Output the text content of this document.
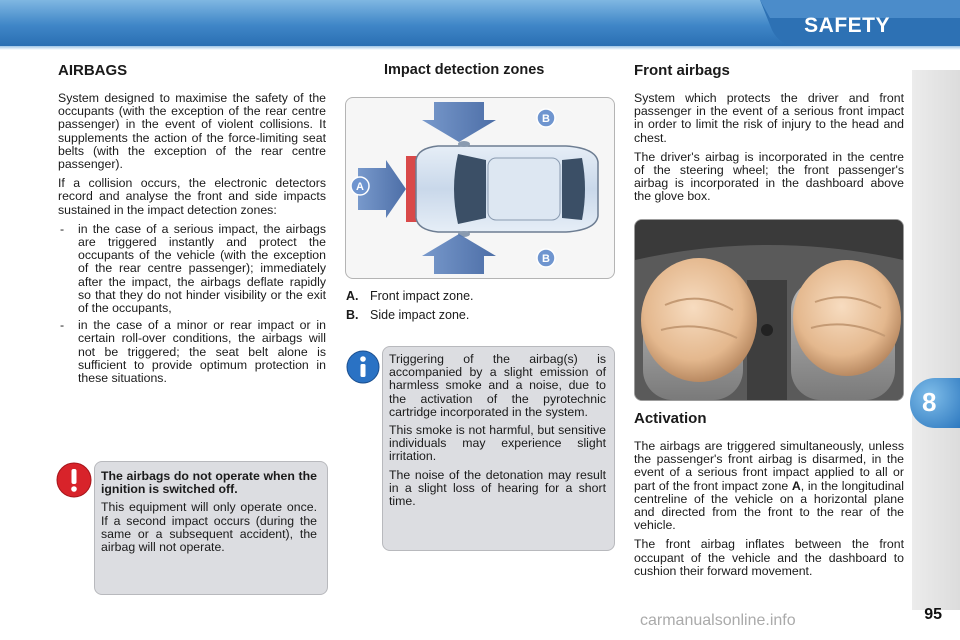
SAFETY
8
AIRBAGS

System designed to maximise the safety of the occupants (with the exception of the rear centre passenger) in the event of violent collisions. It supplements the action of the force-limiting seat belts (with the exception of the rear centre passenger).

If a collision occurs, the electronic detectors record and analyse the front and side impacts sustained in the impact detection zones:

- in the case of a serious impact, the airbags are triggered instantly and protect the occupants of the vehicle (with the exception of the rear centre passenger); immediately after the impact, the airbags deflate rapidly so that they do not hinder visibility or the exit of the occupants,
- in the case of a minor or rear impact or in certain roll-over conditions, the airbags will not be triggered; the seat belt alone is sufficient to provide optimum protection in these situations.

The airbags do not operate when the ignition is switched off.

This equipment will only operate once. If a second impact occurs (during the same or a subsequent accident), the airbag will not operate.

Impact detection zones
A
B
B
A. Front impact zone.
B. Side impact zone.

Triggering of the airbag(s) is accompanied by a slight emission of harmless smoke and a noise, due to the activation of the pyrotechnic cartridge incorporated in the system.

This smoke is not harmful, but sensitive individuals may experience slight irritation.

The noise of the detonation may result in a slight loss of hearing for a short time.

Front airbags

System which protects the driver and front passenger in the event of a serious front impact in order to limit the risk of injury to the head and chest.

The driver's airbag is incorporated in the centre of the steering wheel; the front passenger's airbag is incorporated in the dashboard above the glove box.

Activation

The airbags are triggered simultaneously, unless the passenger's front airbag is disarmed, in the event of a serious front impact applied to all or part of the front impact zone A, in the longitudinal centreline of the vehicle on a horizontal plane and directed from the front to the rear of the vehicle.

The front airbag inflates between the front occupant of the vehicle and the dashboard to cushion their forward movement.

carmanualsonline.info	95
